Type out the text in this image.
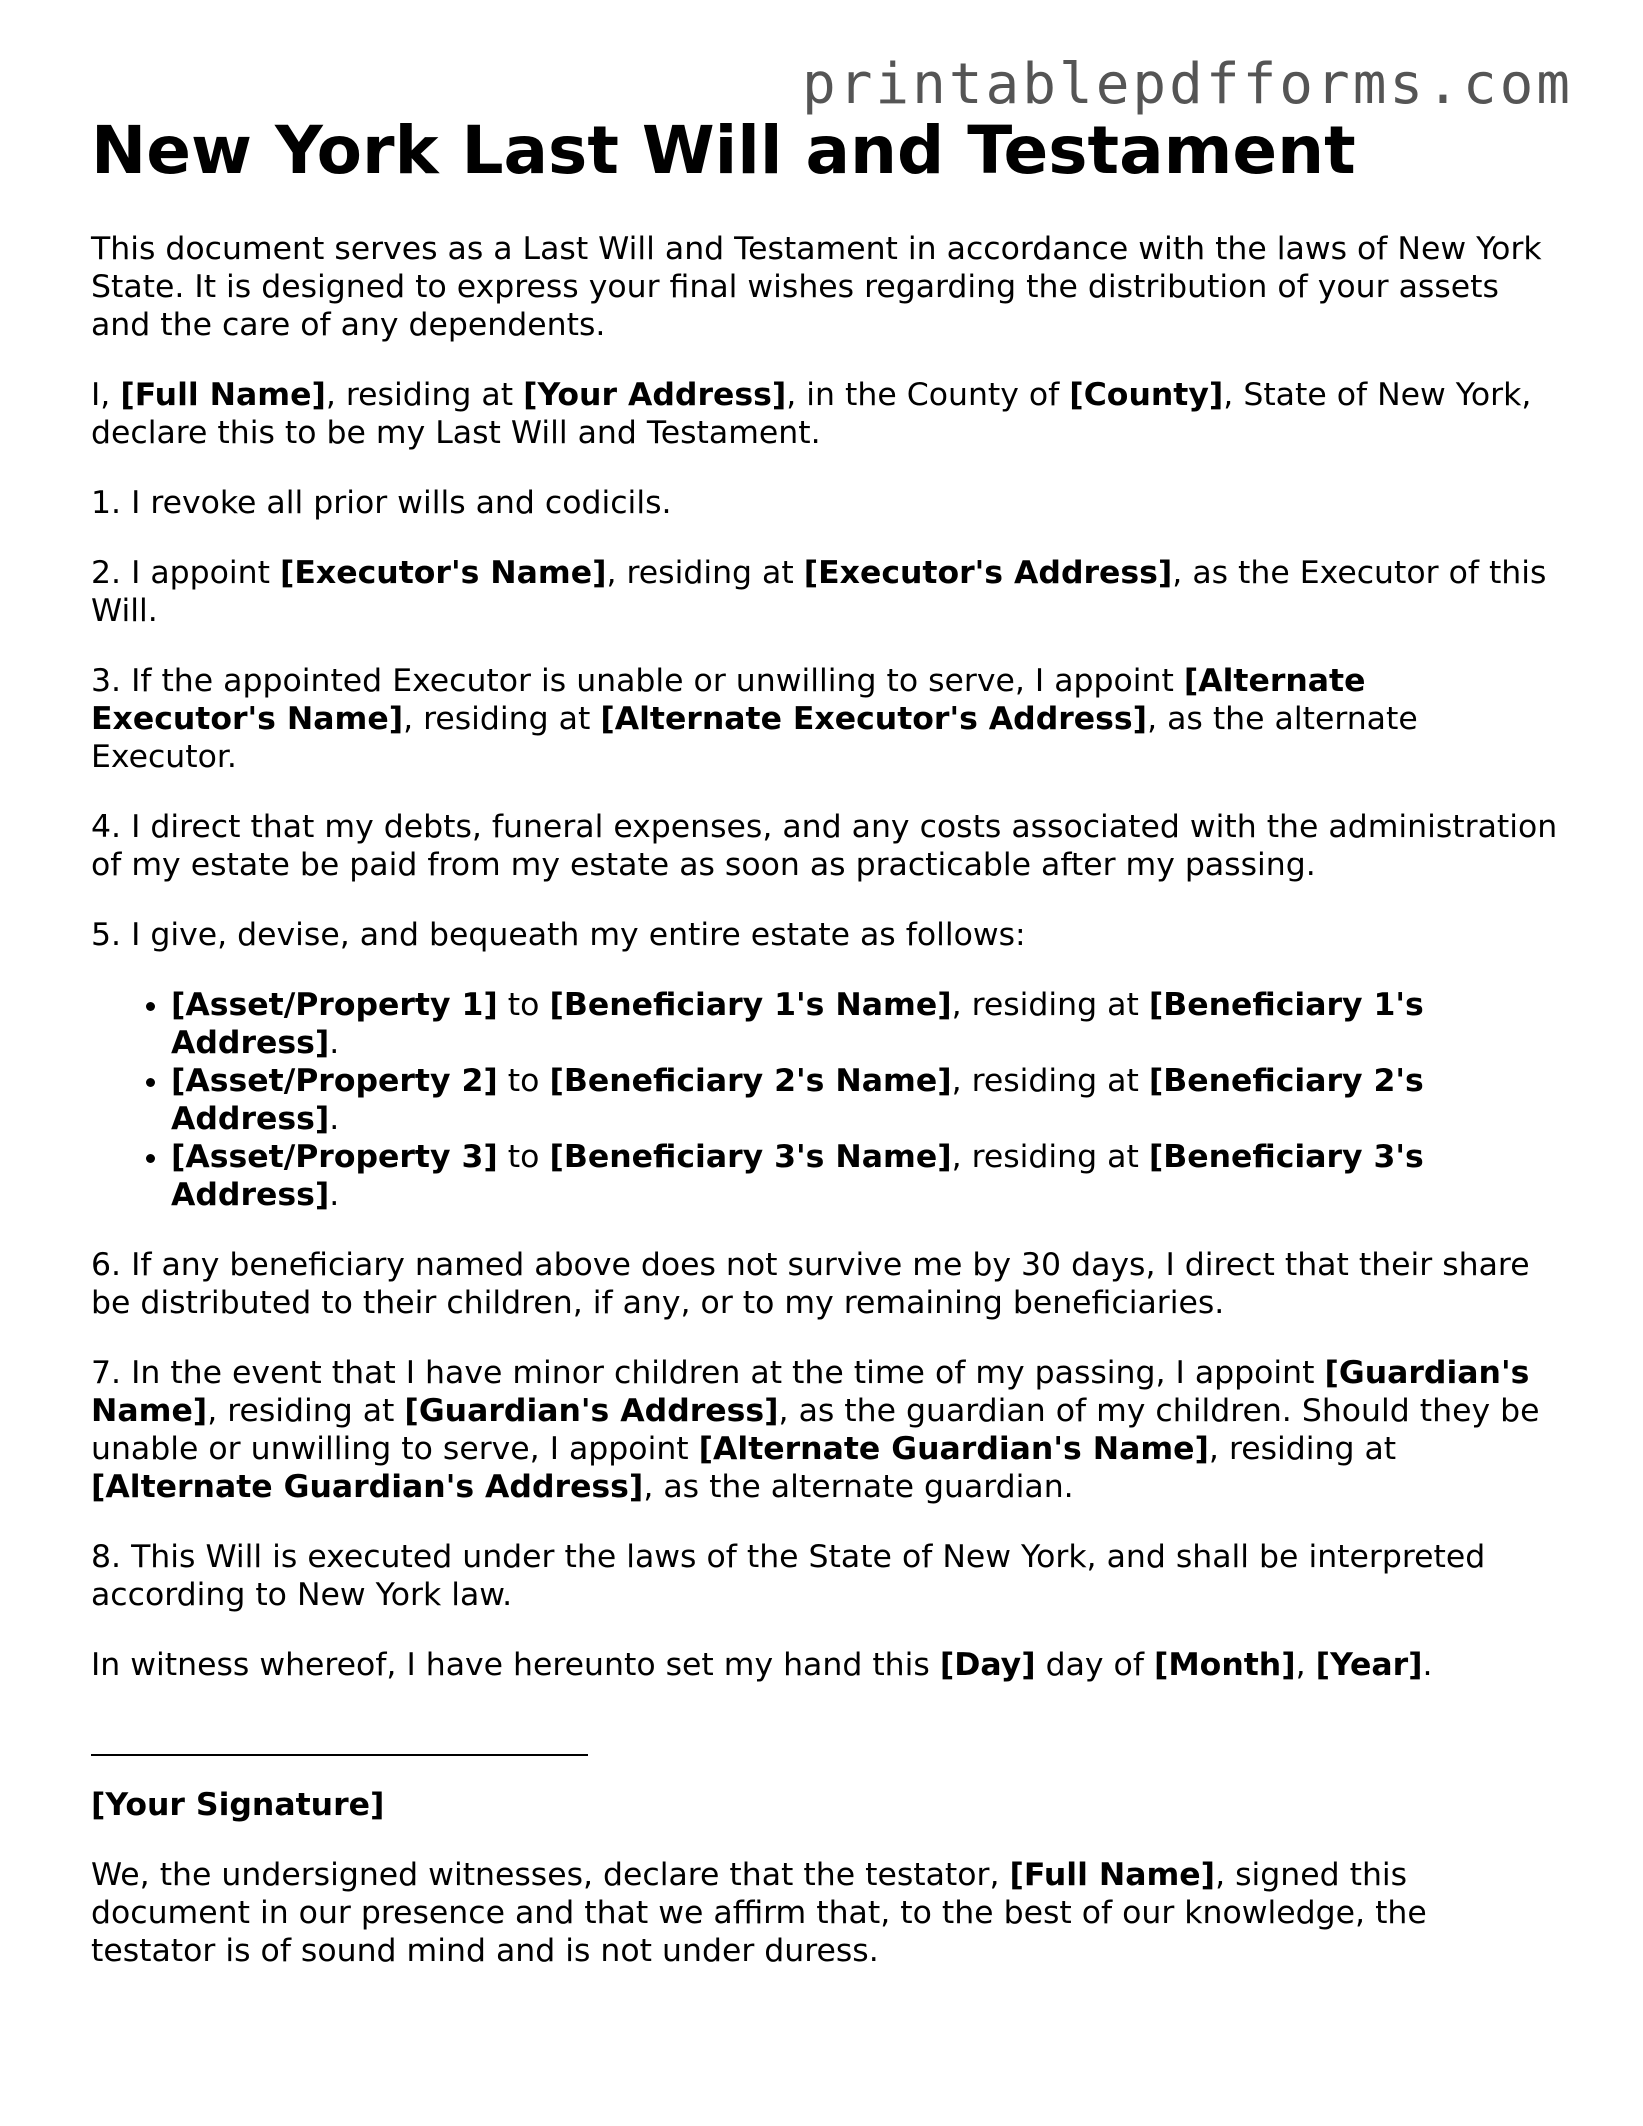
printablepdfforms.com
New York Last Will and Testament

This document serves as a Last Will and Testament in accordance with the laws of New York State. It is designed to express your final wishes regarding the distribution of your assets and the care of any dependents.

I, [Full Name], residing at [Your Address], in the County of [County], State of New York, declare this to be my Last Will and Testament.

1. I revoke all prior wills and codicils.

2. I appoint [Executor's Name], residing at [Executor's Address], as the Executor of this Will.

3. If the appointed Executor is unable or unwilling to serve, I appoint [Alternate Executor's Name], residing at [Alternate Executor's Address], as the alternate Executor.

4. I direct that my debts, funeral expenses, and any costs associated with the administration of my estate be paid from my estate as soon as practicable after my passing.

5. I give, devise, and bequeath my entire estate as follows:

• [Asset/Property 1] to [Beneficiary 1's Name], residing at [Beneficiary 1's Address].
• [Asset/Property 2] to [Beneficiary 2's Name], residing at [Beneficiary 2's Address].
• [Asset/Property 3] to [Beneficiary 3's Name], residing at [Beneficiary 3's Address].

6. If any beneficiary named above does not survive me by 30 days, I direct that their share be distributed to their children, if any, or to my remaining beneficiaries.

7. In the event that I have minor children at the time of my passing, I appoint [Guardian's Name], residing at [Guardian's Address], as the guardian of my children. Should they be unable or unwilling to serve, I appoint [Alternate Guardian's Name], residing at [Alternate Guardian's Address], as the alternate guardian.

8. This Will is executed under the laws of the State of New York, and shall be interpreted according to New York law.

In witness whereof, I have hereunto set my hand this [Day] day of [Month], [Year].

[Your Signature]

We, the undersigned witnesses, declare that the testator, [Full Name], signed this document in our presence and that we affirm that, to the best of our knowledge, the testator is of sound mind and is not under duress.
